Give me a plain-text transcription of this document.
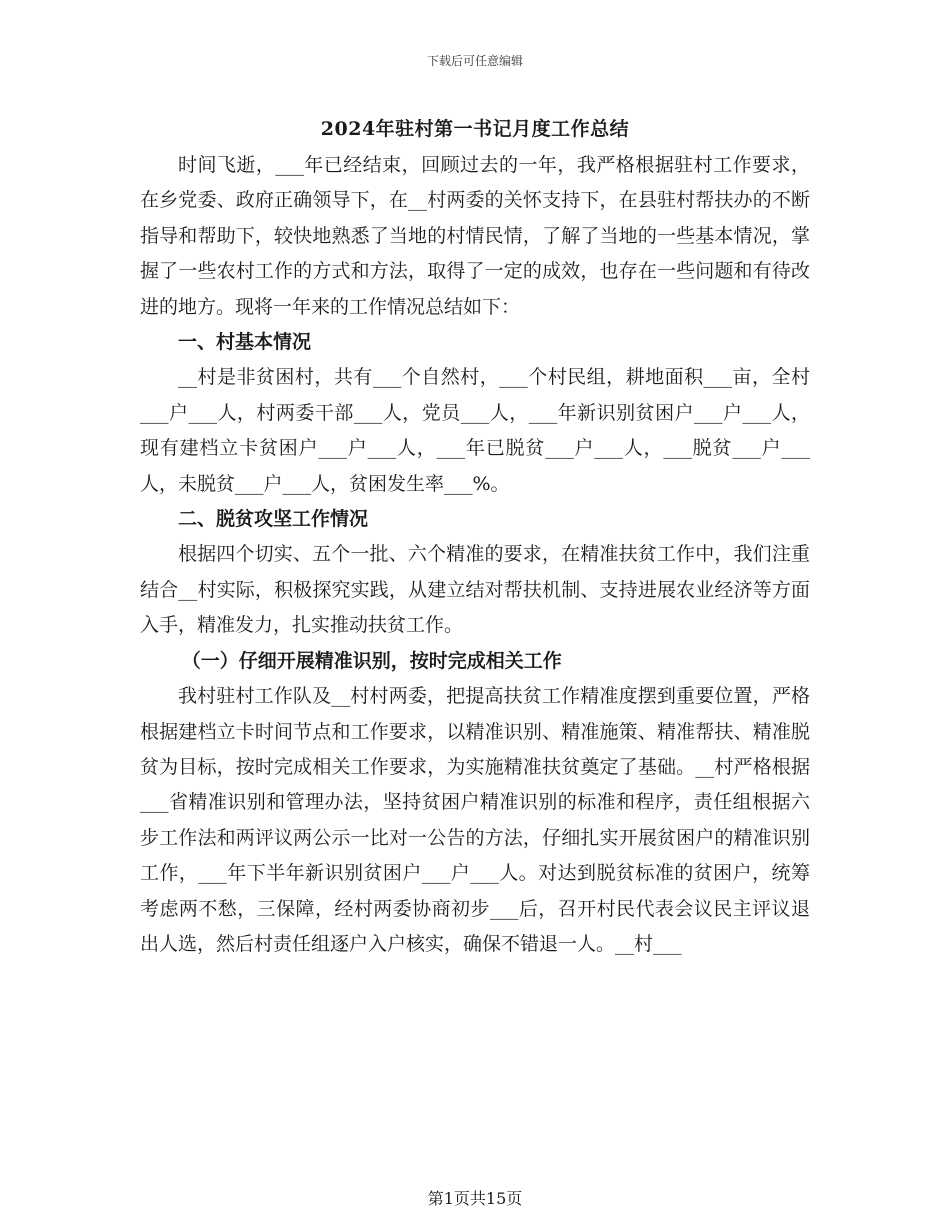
下载后可任意编辑
2024年驻村第一书记月度工作总结

时间飞逝，___年已经结束，回顾过去的一年，我严格根据驻村工作要求，在乡党委、政府正确领导下，在__村两委的关怀支持下，在县驻村帮扶办的不断指导和帮助下，较快地熟悉了当地的村情民情，了解了当地的一些基本情况，掌握了一些农村工作的方式和方法，取得了一定的成效，也存在一些问题和有待改进的地方。现将一年来的工作情况总结如下：

一、村基本情况

__村是非贫困村，共有___个自然村，___个村民组，耕地面积___亩，全村___户___人，村两委干部___人，党员___人，___年新识别贫困户___户___人，现有建档立卡贫困户___户___人，___年已脱贫___户___人，___脱贫___户___人，未脱贫___户___人，贫困发生率___%。

二、脱贫攻坚工作情况

根据四个切实、五个一批、六个精准的要求，在精准扶贫工作中，我们注重结合__村实际，积极探究实践，从建立结对帮扶机制、支持进展农业经济等方面入手，精准发力，扎实推动扶贫工作。

（一）仔细开展精准识别，按时完成相关工作

我村驻村工作队及__村村两委，把提高扶贫工作精准度摆到重要位置，严格根据建档立卡时间节点和工作要求，以精准识别、精准施策、精准帮扶、精准脱贫为目标，按时完成相关工作要求，为实施精准扶贫奠定了基础。__村严格根据___省精准识别和管理办法，坚持贫困户精准识别的标准和程序，责任组根据六步工作法和两评议两公示一比对一公告的方法，仔细扎实开展贫困户的精准识别工作，___年下半年新识别贫困户___户___人。对达到脱贫标准的贫困户，统筹考虑两不愁，三保障，经村两委协商初步___后，召开村民代表会议民主评议退出人选，然后村责任组逐户入户核实，确保不错退一人。__村___

第1页共15页
